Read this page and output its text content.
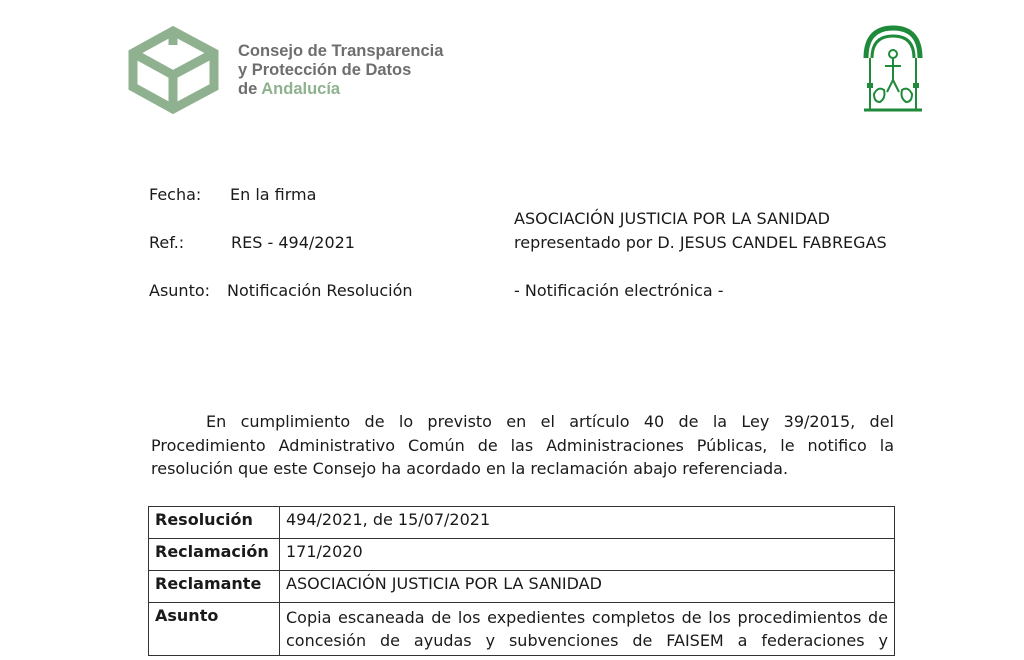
Consejo de Transparencia
y Protección de Datos
de Andalucía
Fecha: En la firma
Ref.:	RES - 494/2021
Asunto: Notificación Resolución
ASOCIACIÓN JUSTICIA POR LA SANIDAD
representado por D. JESUS CANDEL FABREGAS
- Notificación electrónica -
En cumplimiento de lo previsto en el artículo 40 de la Ley 39/2015, del
Procedimiento Administrativo Común de las Administraciones Públicas, le notifico la
resolución que este Consejo ha acordado en la reclamación abajo referenciada.
Resolución	494/2021, de 15/07/2021
Reclamación	171/2020
Reclamante	ASOCIACIÓN JUSTICIA POR LA SANIDAD
Asunto	Copia escaneada de los expedientes completos de los procedimientos de
concesión de ayudas y subvenciones de FAISEM a federaciones y
